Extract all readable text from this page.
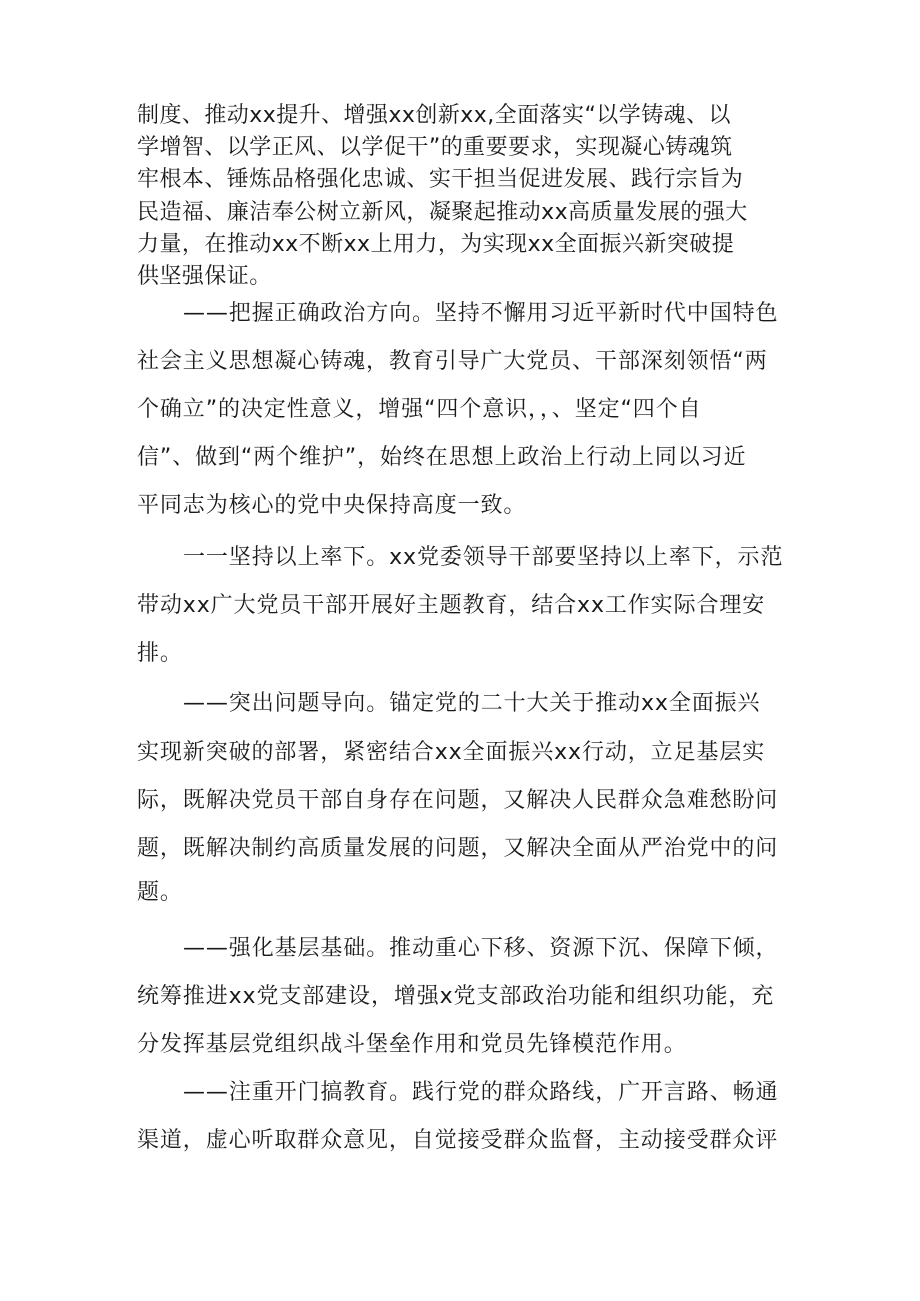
制度、推动xx提升、增强xx创新xx,全面落实“以学铸魂、以
学增智、以学正风、以学促干”的重要要求，实现凝心铸魂筑
牢根本、锤炼品格强化忠诚、实干担当促进发展、践行宗旨为
民造福、廉洁奉公树立新风，凝聚起推动xx高质量发展的强大
力量，在推动xx不断xx上用力，为实现xx全面振兴新突破提
供坚强保证。
——把握正确政治方向。坚持不懈用习近平新时代中国特色
社会主义思想凝心铸魂，教育引导广大党员、干部深刻领悟“两
个确立”的决定性意义，增强“四个意识，，、坚定“四个自
信”、做到“两个维护”，始终在思想上政治上行动上同以习近
平同志为核心的党中央保持高度一致。
一一坚持以上率下。xx党委领导干部要坚持以上率下，示范
带动xx广大党员干部开展好主题教育，结合xx工作实际合理安
排。
——突出问题导向。锚定党的二十大关于推动xx全面振兴
实现新突破的部署，紧密结合xx全面振兴xx行动，立足基层实
际，既解决党员干部自身存在问题，又解决人民群众急难愁盼问
题，既解决制约高质量发展的问题，又解决全面从严治党中的问
题。
——强化基层基础。推动重心下移、资源下沉、保障下倾，
统筹推进xx党支部建设，增强x党支部政治功能和组织功能，充
分发挥基层党组织战斗堡垒作用和党员先锋模范作用。
——注重开门搞教育。践行党的群众路线，广开言路、畅通
渠道，虚心听取群众意见，自觉接受群众监督，主动接受群众评
